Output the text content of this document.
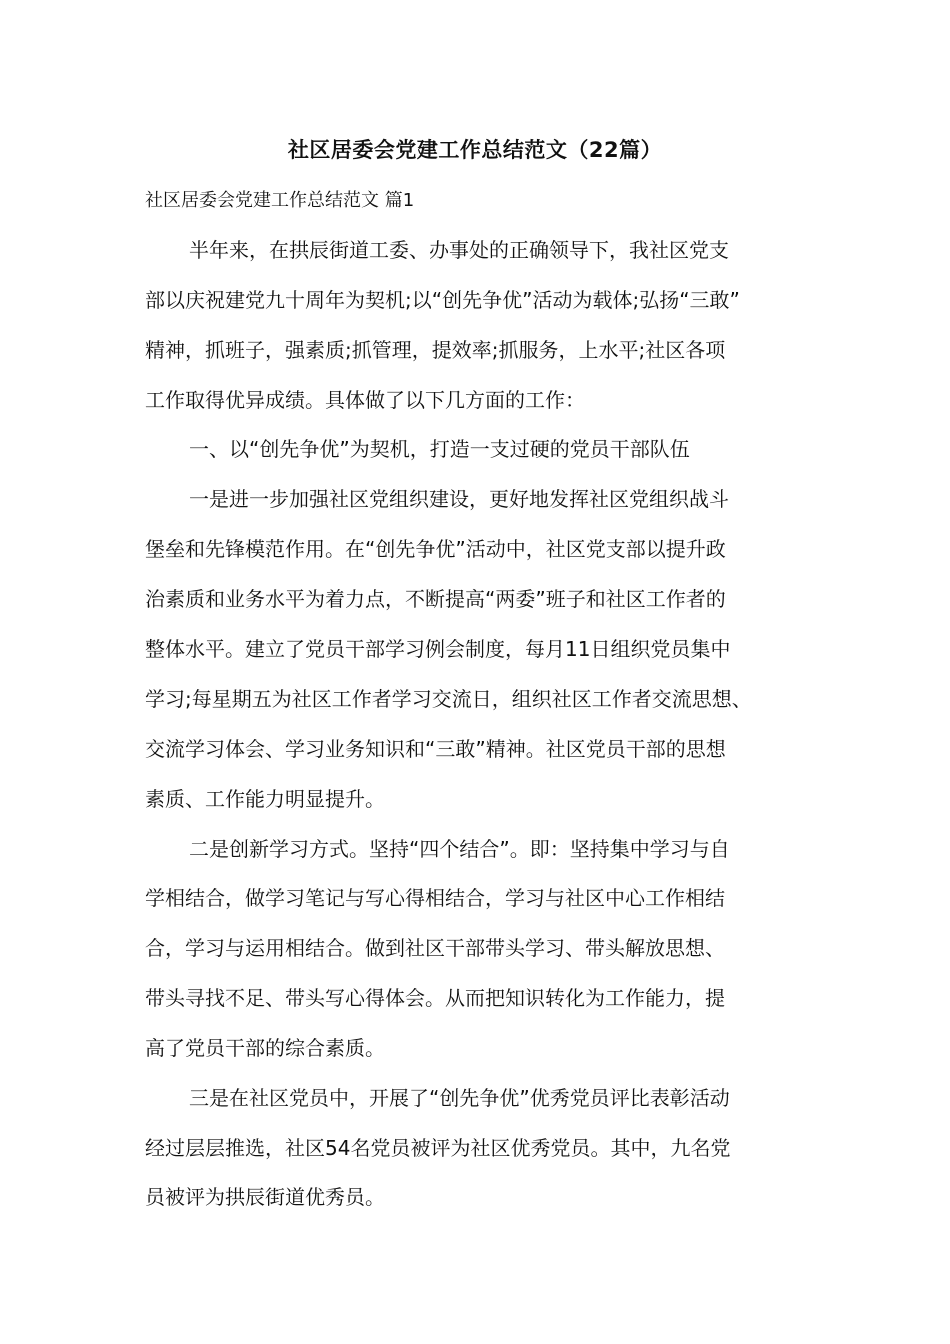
社区居委会党建工作总结范文（22篇）
社区居委会党建工作总结范文 篇1
半年来，在拱辰街道工委、办事处的正确领导下，我社区党支
部以庆祝建党九十周年为契机;以“创先争优”活动为载体;弘扬“三敢”
精神，抓班子，强素质;抓管理，提效率;抓服务，上水平;社区各项
工作取得优异成绩。具体做了以下几方面的工作：
一、以“创先争优”为契机，打造一支过硬的党员干部队伍
一是进一步加强社区党组织建设，更好地发挥社区党组织战斗
堡垒和先锋模范作用。在“创先争优”活动中，社区党支部以提升政
治素质和业务水平为着力点，不断提高“两委”班子和社区工作者的
整体水平。建立了党员干部学习例会制度，每月11日组织党员集中
学习;每星期五为社区工作者学习交流日，组织社区工作者交流思想、
交流学习体会、学习业务知识和“三敢”精神。社区党员干部的思想
素质、工作能力明显提升。
二是创新学习方式。坚持“四个结合”。即：坚持集中学习与自
学相结合，做学习笔记与写心得相结合，学习与社区中心工作相结
合，学习与运用相结合。做到社区干部带头学习、带头解放思想、
带头寻找不足、带头写心得体会。从而把知识转化为工作能力，提
高了党员干部的综合素质。
三是在社区党员中，开展了“创先争优”优秀党员评比表彰活动
经过层层推选，社区54名党员被评为社区优秀党员。其中，九名党
员被评为拱辰街道优秀员。
